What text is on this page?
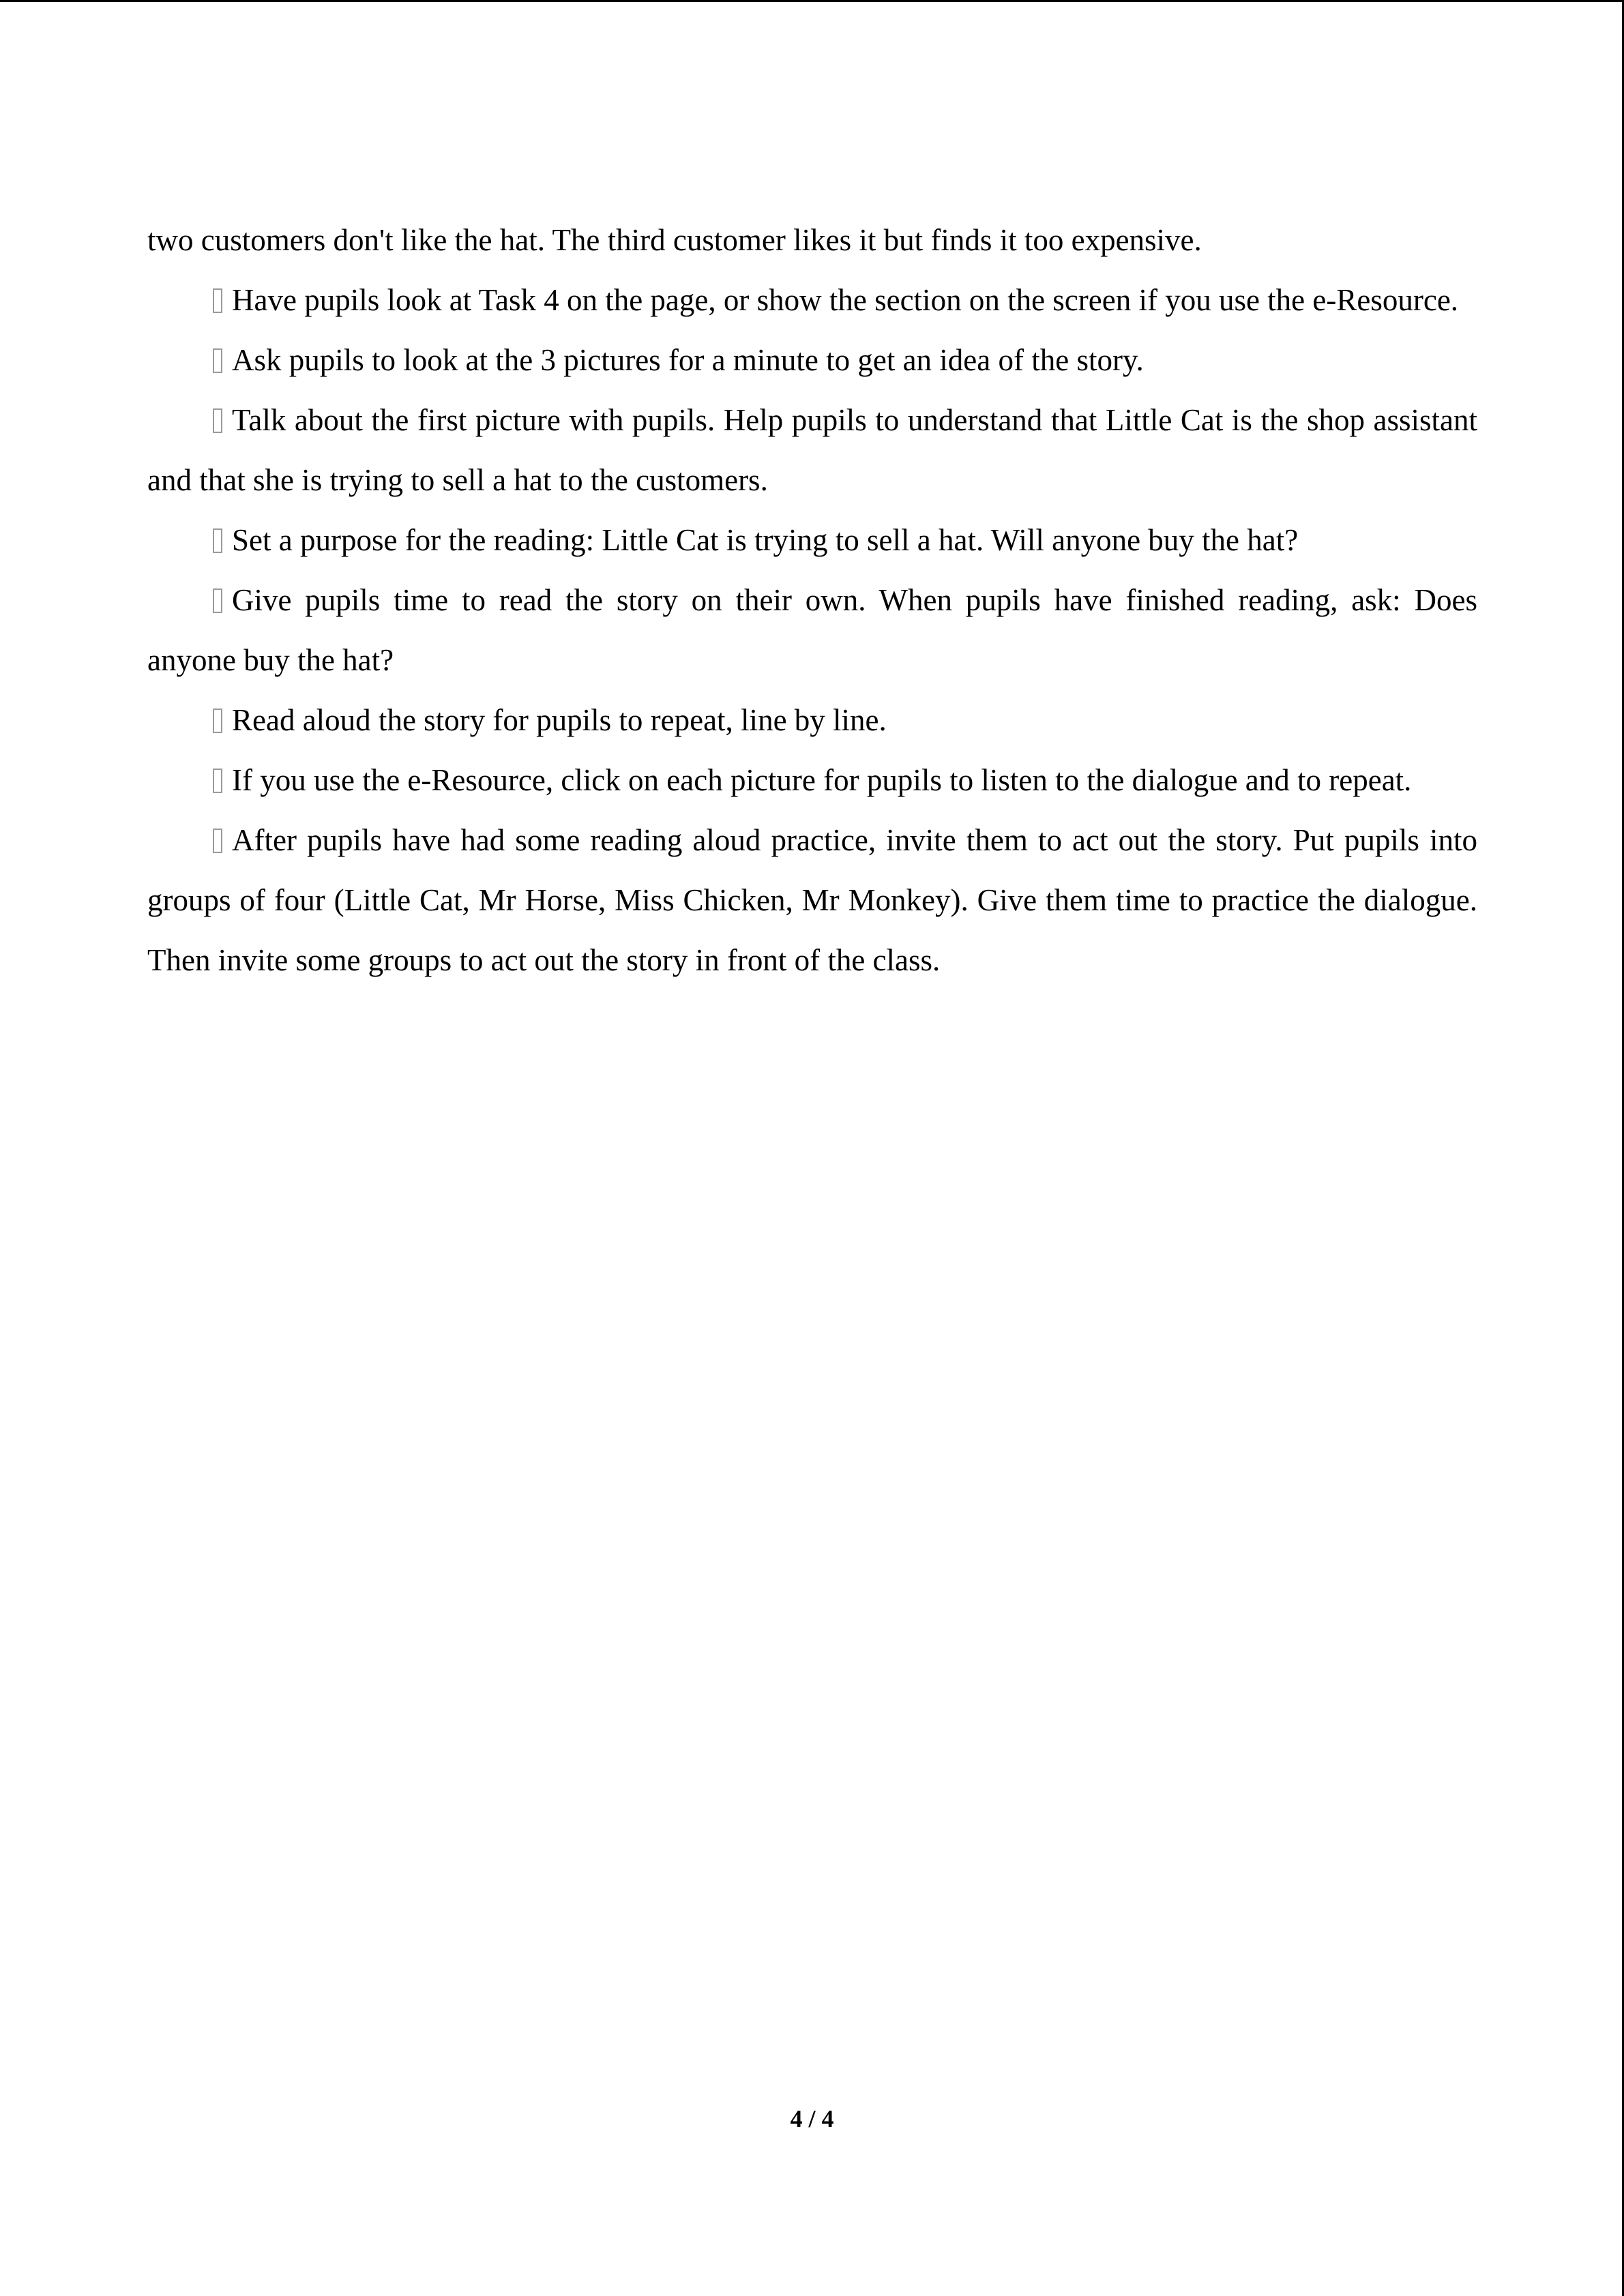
two customers don't like the hat. The third customer likes it but finds it too expensive.

Have pupils look at Task 4 on the page, or show the section on the screen if you use the e-Resource.

Ask pupils to look at the 3 pictures for a minute to get an idea of the story.

Talk about the first picture with pupils. Help pupils to understand that Little Cat is the shop assistant and that she is trying to sell a hat to the customers.

Set a purpose for the reading: Little Cat is trying to sell a hat. Will anyone buy the hat?

Give pupils time to read the story on their own. When pupils have finished reading, ask: Does anyone buy the hat?

Read aloud the story for pupils to repeat, line by line.

If you use the e-Resource, click on each picture for pupils to listen to the dialogue and to repeat.

After pupils have had some reading aloud practice, invite them to act out the story. Put pupils into groups of four (Little Cat, Mr Horse, Miss Chicken, Mr Monkey). Give them time to practice the dialogue. Then invite some groups to act out the story in front of the class.

4 / 4
